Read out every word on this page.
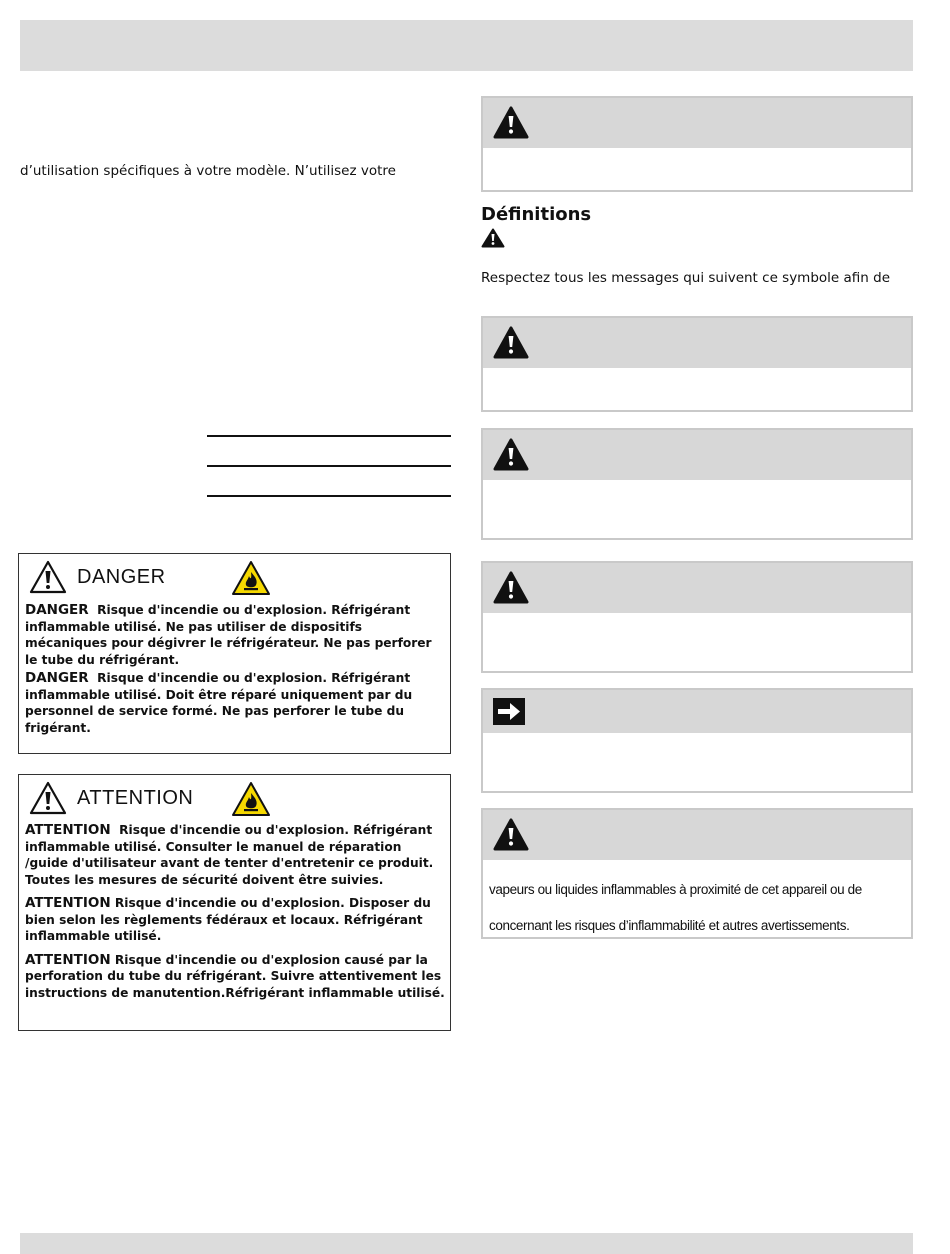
d’utilisation spécifiques à votre modèle. N’utilisez votre
DANGER
DANGER Risque d'incendie ou d'explosion. Réfrigérant inflammable utilisé. Ne pas utiliser de dispositifs mécaniques pour dégivrer le réfrigérateur. Ne pas perforer le tube du réfrigérant.
DANGER Risque d'incendie ou d'explosion. Réfrigérant inflammable utilisé. Doit être réparé uniquement par du personnel de service formé. Ne pas perforer le tube du frigérant.
ATTENTION
ATTENTION Risque d'incendie ou d'explosion. Réfrigérant inflammable utilisé. Consulter le manuel de réparation /guide d'utilisateur avant de tenter d'entretenir ce produit. Toutes les mesures de sécurité doivent être suivies.
ATTENTION Risque d'incendie ou d'explosion. Disposer du bien selon les règlements fédéraux et locaux. Réfrigérant inflammable utilisé.
ATTENTION Risque d'incendie ou d'explosion causé par la perforation du tube du réfrigérant. Suivre attentivement les instructions de manutention.Réfrigérant inflammable utilisé.
Définitions
Respectez tous les messages qui suivent ce symbole afin de
vapeurs ou liquides inflammables à proximité de cet appareil ou de
concernant les risques d’inflammabilité et autres avertissements.
